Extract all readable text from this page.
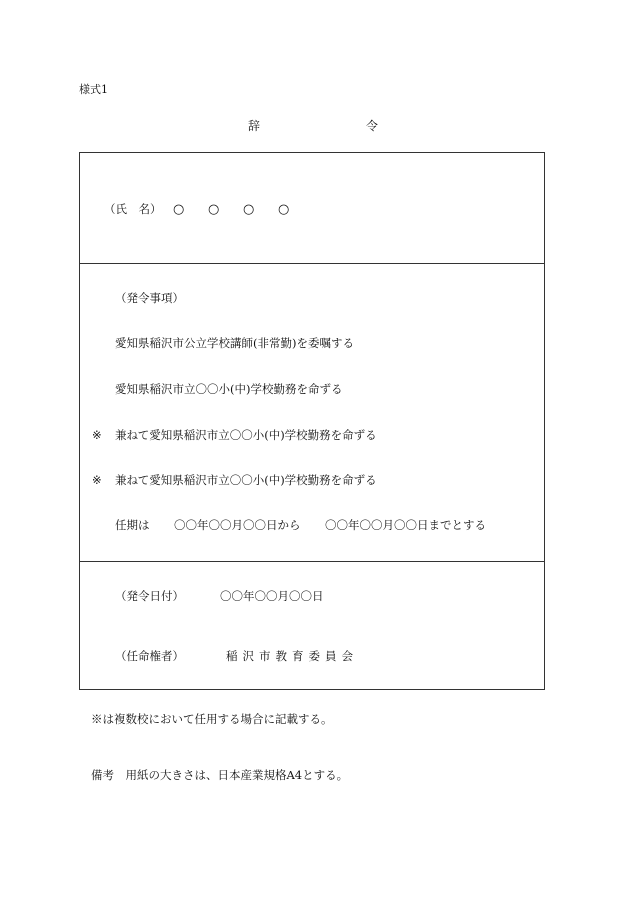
様式1
辞	令
（氏　名） ○ ○ ○ ○
（発令事項）
愛知県稲沢市公立学校講師(非常勤)を委嘱する
愛知県稲沢市立〇〇小(中)学校勤務を命ずる
※ 兼ねて愛知県稲沢市立〇〇小(中)学校勤務を命ずる
※ 兼ねて愛知県稲沢市立〇〇小(中)学校勤務を命ずる
任期は 〇〇年〇〇月〇〇日から 〇〇年〇〇月〇〇日までとする
（発令日付）	〇〇年〇〇月〇〇日
（任命権者）	稲沢市教育委員会
※は複数校において任用する場合に記載する。
備考　用紙の大きさは、日本産業規格A4とする。
